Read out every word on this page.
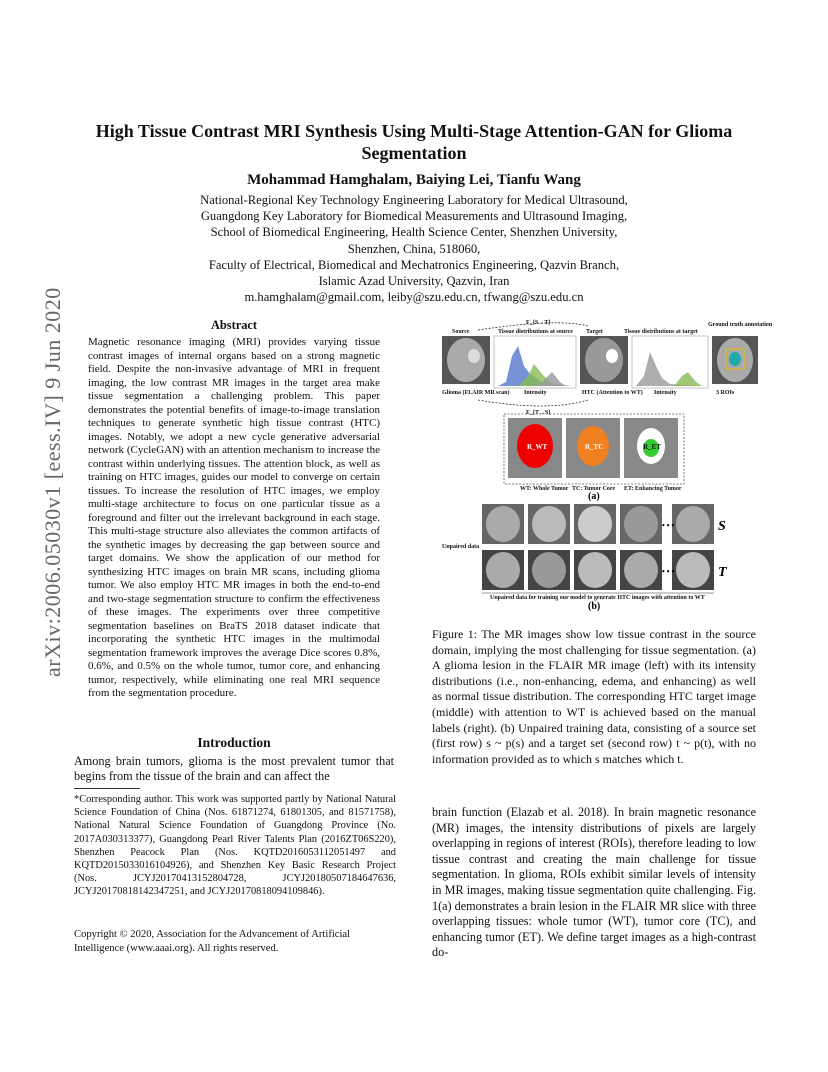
arXiv:2006.05030v1 [eess.IV] 9 Jun 2020
High Tissue Contrast MRI Synthesis Using Multi-Stage Attention-GAN for Glioma Segmentation
Mohammad Hamghalam, Baiying Lei, Tianfu Wang
National-Regional Key Technology Engineering Laboratory for Medical Ultrasound,
Guangdong Key Laboratory for Biomedical Measurements and Ultrasound Imaging,
School of Biomedical Engineering, Health Science Center, Shenzhen University,
Shenzhen, China, 518060,
Faculty of Electrical, Biomedical and Mechatronics Engineering, Qazvin Branch,
Islamic Azad University, Qazvin, Iran
m.hamghalam@gmail.com, leiby@szu.edu.cn, tfwang@szu.edu.cn
Abstract
Magnetic resonance imaging (MRI) provides varying tissue contrast images of internal organs based on a strong magnetic field. Despite the non-invasive advantage of MRI in frequent imaging, the low contrast MR images in the target area make tissue segmentation a challenging problem. This paper demonstrates the potential benefits of image-to-image translation techniques to generate synthetic high tissue contrast (HTC) images. Notably, we adopt a new cycle generative adversarial network (CycleGAN) with an attention mechanism to increase the contrast within underlying tissues. The attention block, as well as training on HTC images, guides our model to converge on certain tissues. To increase the resolution of HTC images, we employ multi-stage architecture to focus on one particular tissue as a foreground and filter out the irrelevant background in each stage. This multi-stage structure also alleviates the common artifacts of the synthetic images by decreasing the gap between source and target domains. We show the application of our method for synthesizing HTC images on brain MR scans, including glioma tumor. We also employ HTC MR images in both the end-to-end and two-stage segmentation structure to confirm the effectiveness of these images. The experiments over three competitive segmentation baselines on BraTS 2018 dataset indicate that incorporating the synthetic HTC images in the multimodal segmentation framework improves the average Dice scores 0.8%, 0.6%, and 0.5% on the whole tumor, tumor core, and enhancing tumor, respectively, while eliminating one real MRI sequence from the segmentation procedure.
Introduction
Among brain tumors, glioma is the most prevalent tumor that begins from the tissue of the brain and can affect the
*Corresponding author. This work was supported partly by National Natural Science Foundation of China (Nos. 61871274, 61801305, and 81571758), National Natural Science Foundation of Guangdong Province (No. 2017A030313377), Guangdong Pearl River Talents Plan (2016ZT06S220), Shenzhen Peacock Plan (Nos. KQTD2016053112051497 and KQTD2015033016104926), and Shenzhen Key Basic Research Project (Nos. JCYJ20170413152804728, JCYJ20180507184647636, JCYJ20170818142347251, and JCYJ20170818094109846).
Copyright © 2020, Association for the Advancement of Artificial Intelligence (www.aaai.org). All rights reserved.
F_{S→T}
Source	Tissue distributions at source Target	Tissue distributions at target
Ground truth annotation
Glioma (FLAIR MR scan) Intensity	HTC (Attention to WT) Intensity	3 ROIs
F_{T→S}
R_WT	R_TC	R_ET
WT: Whole Tumor TC: Tumor Core ET: Enhancing Tumor
(a)
Unpaired data
• • •	S
• • •	T
Unpaired data for training our model to generate HTC images with attention to WT
(b)
Figure 1: The MR images show low tissue contrast in the source domain, implying the most challenging for tissue segmentation. (a) A glioma lesion in the FLAIR MR image (left) with its intensity distributions (i.e., non-enhancing, edema, and enhancing) as well as normal tissue distribution. The corresponding HTC target image (middle) with attention to WT is achieved based on the manual labels (right). (b) Unpaired training data, consisting of a source set (first row) s ~ p(s) and a target set (second row) t ~ p(t), with no information provided as to which s matches which t.
brain function (Elazab et al. 2018). In brain magnetic resonance (MR) images, the intensity distributions of pixels are largely overlapping in regions of interest (ROIs), therefore leading to low tissue contrast and creating the main challenge for tissue segmentation. In glioma, ROIs exhibit similar levels of intensity in MR images, making tissue segmentation quite challenging. Fig. 1(a) demonstrates a brain lesion in the FLAIR MR slice with three overlapping tissues: whole tumor (WT), tumor core (TC), and enhancing tumor (ET). We define target images as a high-contrast do-
